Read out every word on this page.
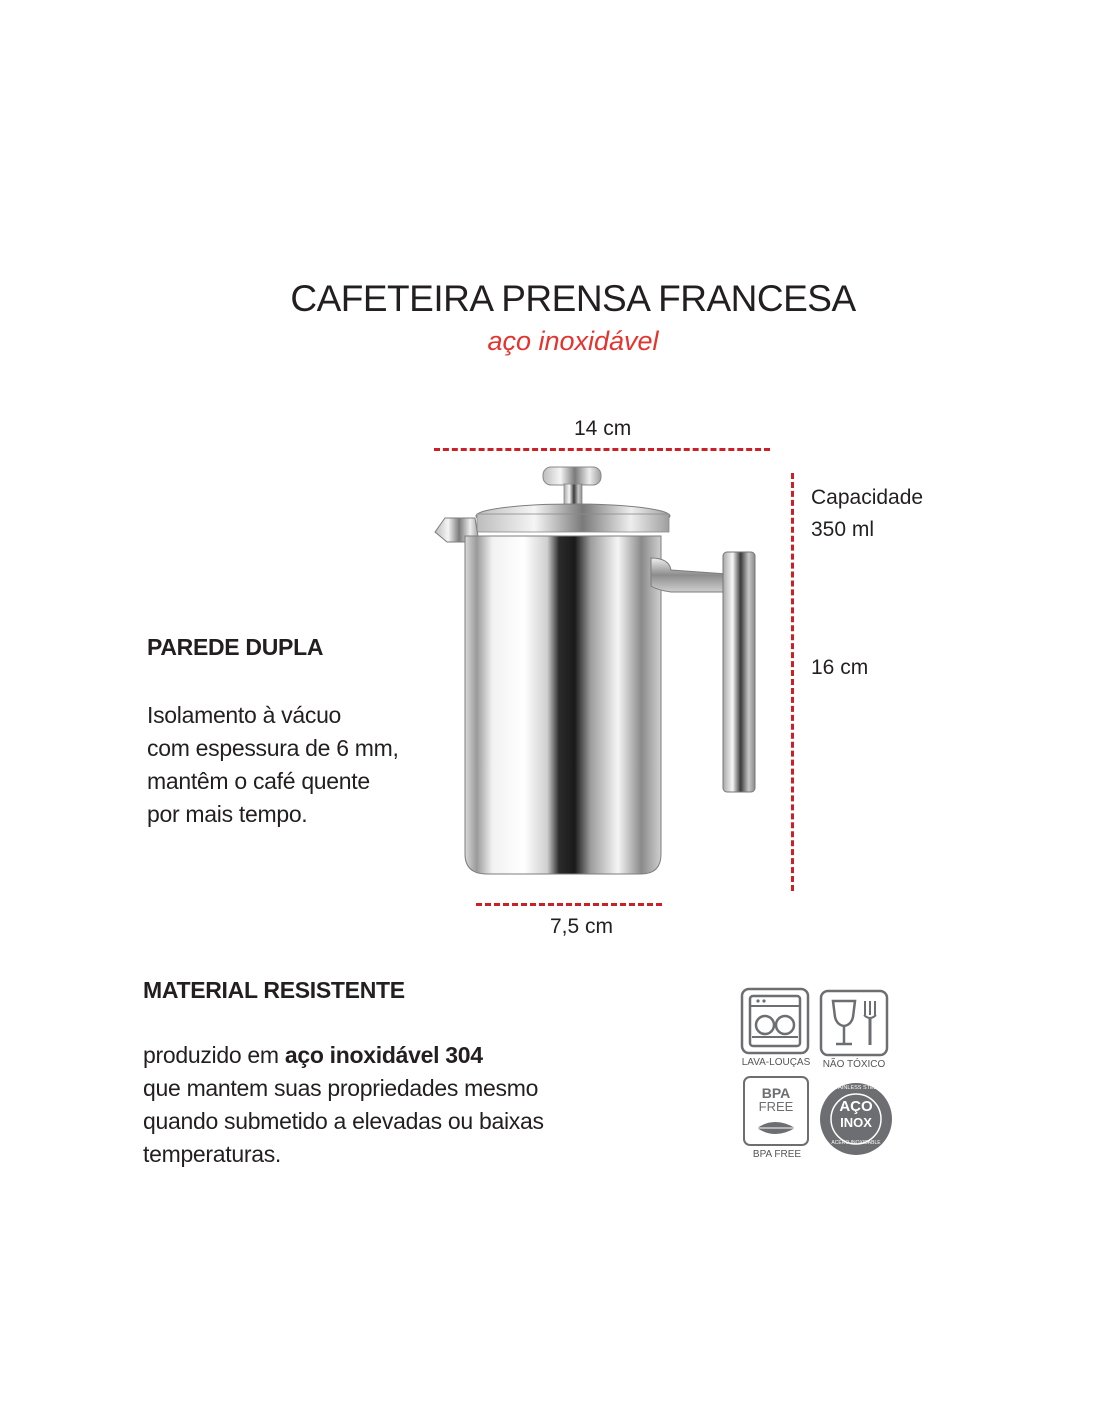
CAFETEIRA PRENSA FRANCESA
aço inoxidável
14 cm
Capacidade
350 ml
16 cm
7,5 cm
PAREDE DUPLA
Isolamento à vácuo
com espessura de 6 mm,
mantêm o café quente
por mais tempo.
MATERIAL RESISTENTE
produzido em aço inoxidável 304
que mantem suas propriedades mesmo
quando submetido a elevadas ou baixas
temperaturas.
LAVA-LOUÇAS	NÃO TÓXICO
BPA
FREE
BPA FREE
STAINLESS STEEL
AÇO
INOX
ACERO INOXIDABLE
